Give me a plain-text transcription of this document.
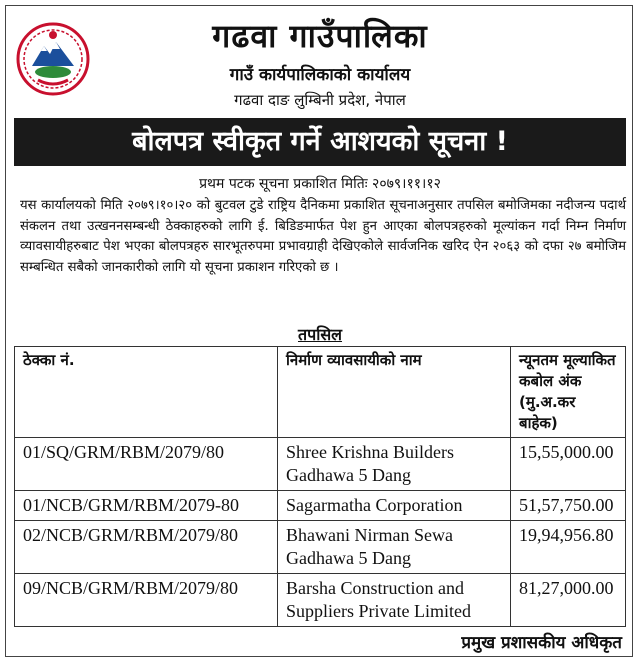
गढवा गाउँपालिका
गाउँ कार्यपालिकाको कार्यालय
गढवा दाङ लुम्बिनी प्रदेश, नेपाल
बोलपत्र स्वीकृत गर्ने आशयको सूचना !
प्रथम पटक सूचना प्रकाशित मितिः २०७९।११।१२
यस कार्यालयको मिति २०७९।१०।२० को बुटवल टुडे राष्ट्रिय दैनिकमा प्रकाशित सूचनाअनुसार तपसिल बमोजिमका नदीजन्य पदार्थ संकलन तथा उत्खननसम्बन्धी ठेक्काहरुको लागि ई. बिडिङमार्फत पेश हुन आएका बोलपत्रहरुको मूल्यांकन गर्दा निम्न निर्माण व्यावसायीहरुबाट पेश भएका बोलपत्रहरु सारभूतरुपमा प्रभावग्राही देखिएकोले सार्वजनिक खरिद ऐन २०६३ को दफा २७ बमोजिम सम्बन्धित सबैको जानकारीको लागि यो सूचना प्रकाशन गरिएको छ ।
तपसिल
ठेक्का नं.	निर्माण व्यावसायीको नाम	न्यूनतम मूल्याकित कबोल अंक (मु.अ.कर बाहेक)
01/SQ/GRM/RBM/2079/80	Shree Krishna Builders Gadhawa 5 Dang	15,55,000.00
01/NCB/GRM/RBM/2079-80	Sagarmatha Corporation	51,57,750.00
02/NCB/GRM/RBM/2079/80	Bhawani Nirman Sewa Gadhawa 5 Dang	19,94,956.80
09/NCB/GRM/RBM/2079/80	Barsha Construction and Suppliers Private Limited	81,27,000.00
प्रमुख प्रशासकीय अधिकृत
